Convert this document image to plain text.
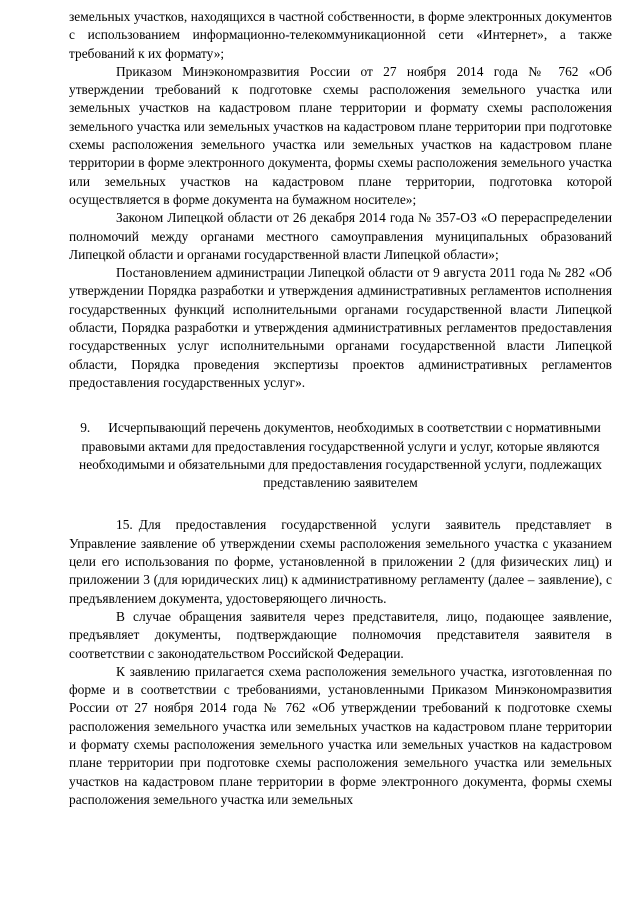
земельных участков, находящихся в частной собственности, в форме электронных документов с использованием информационно-телекоммуникационной сети «Интернет», а также требований к их формату»;

Приказом Минэкономразвития России от 27 ноября 2014 года № 762 «Об утверждении требований к подготовке схемы расположения земельного участка или земельных участков на кадастровом плане территории и формату схемы расположения земельного участка или земельных участков на кадастровом плане территории при подготовке схемы расположения земельного участка или земельных участков на кадастровом плане территории в форме электронного документа, формы схемы расположения земельного участка или земельных участков на кадастровом плане территории, подготовка которой осуществляется в форме документа на бумажном носителе»;

Законом Липецкой области от 26 декабря 2014 года № 357-ОЗ «О перераспределении полномочий между органами местного самоуправления муниципальных образований Липецкой области и органами государственной власти Липецкой области»;

Постановлением администрации Липецкой области от 9 августа 2011 года № 282 «Об утверждении Порядка разработки и утверждения административных регламентов исполнения государственных функций исполнительными органами государственной власти Липецкой области, Порядка разработки и утверждения административных регламентов предоставления государственных услуг исполнительными органами государственной власти Липецкой области, Порядка проведения экспертизы проектов административных регламентов предоставления государственных услуг».

9. Исчерпывающий перечень документов, необходимых в соответствии с нормативными правовыми актами для предоставления государственной услуги и услуг, которые являются необходимыми и обязательными для предоставления государственной услуги, подлежащих представлению заявителем

15. Для предоставления государственной услуги заявитель представляет в Управление заявление об утверждении схемы расположения земельного участка с указанием цели его использования по форме, установленной в приложении 2 (для физических лиц) и приложении 3 (для юридических лиц) к административному регламенту (далее – заявление), с предъявлением документа, удостоверяющего личность.

В случае обращения заявителя через представителя, лицо, подающее заявление, предъявляет документы, подтверждающие полномочия представителя заявителя в соответствии с законодательством Российской Федерации.

К заявлению прилагается схема расположения земельного участка, изготовленная по форме и в соответствии с требованиями, установленными Приказом Минэкономразвития России от 27 ноября 2014 года № 762 «Об утверждении требований к подготовке схемы расположения земельного участка или земельных участков на кадастровом плане территории и формату схемы расположения земельного участка или земельных участков на кадастровом плане территории при подготовке схемы расположения земельного участка или земельных участков на кадастровом плане территории в форме электронного документа, формы схемы расположения земельного участка или земельных
